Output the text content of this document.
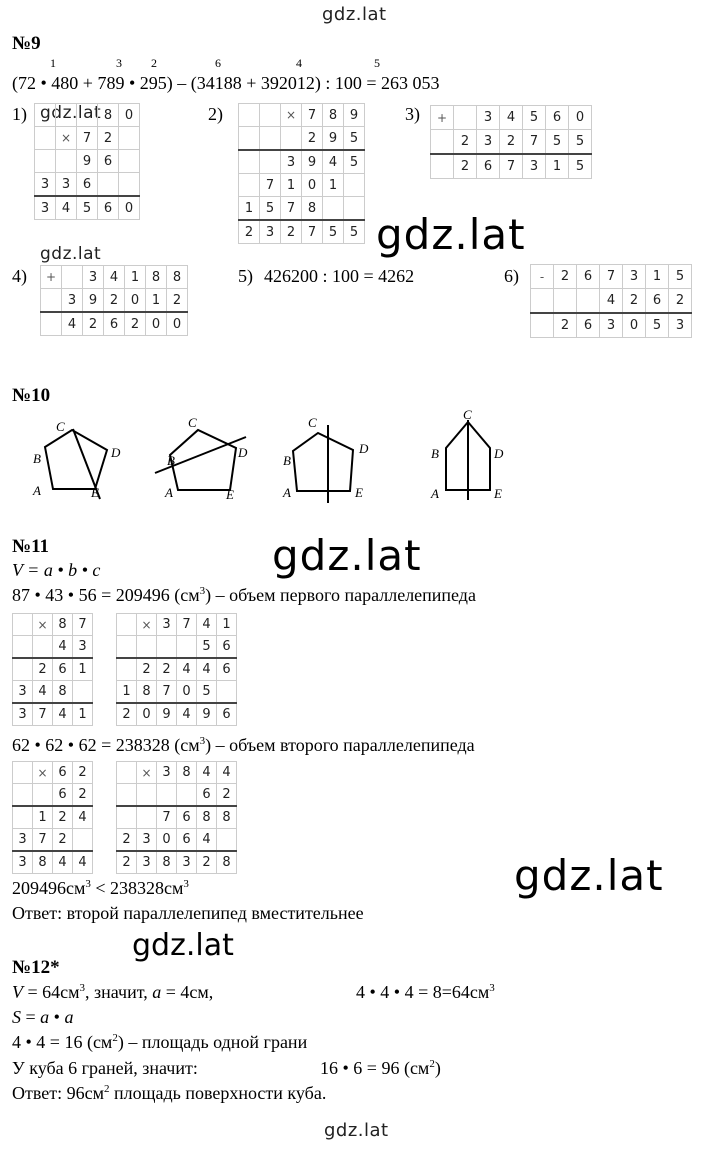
gdz.lat
gdz.lat
gdz.lat
gdz.lat
gdz.lat
gdz.lat
gdz.lat
gdz.lat
№9
1	3 2	6	4	5
(72 • 480 + 789 • 295) – (34188 + 392012) : 100 = 263 053
1)
				8	0
	×	7	2	
		9	6	
3	3	6		
3	4	5	6	0
2)
			×	7	8	9
			2	9	5
		3	9	4	5
	7	1	0	1	
1	5	7	8		
2	3	2	7	5	5
3) +		3	4	5	6	0
	2	3	2	7	5	5
	2	6	7	3	1	5
4) +		3	4	1	8	8
	3	9	2	0	1	2
	4	2	6	2	0	0
5) 426200 : 100 = 4262	6) -	2	6	7	3	1	5
			4	2	6	2
	2	6	3	0	5	3
№10
A
B
C
D
E	A
B
C
D
E	A
B
C
D
E	A
B
C
D
E
№11
V = a • b • c
87 • 43 • 56 = 209496 $(см^3)$ – объем первого параллелепипеда
	×	8	7
		4	3
	2	6	1
3	4	8	
3	7	4	1
	×	3	7	4	1
				5	6
	2	2	4	4	6
1	8	7	0	5	
2	0	9	4	9	6
62 • 62 • 62 = 238328 $(см^3)$ – объем второго параллелепипеда
	×	6	2
		6	2
	1	2	4
3	7	2	
3	8	4	4
	×	3	8	4	4
				6	2
		7	6	8	8
2	3	0	6	4	
2	3	8	3	2	8
$209496см^3 < 238328см^3$
Ответ: второй параллелепипед вместительнее
№12*
$V = 64см^3$, значит, a = 4см,	4 • 4 • $4 = 8=64см^3$
S = a • a
4 • 4 = 16 $(см^2)$ – площадь одной грани
У куба 6 граней, значит:	16 • 6 = 96 $(см^2)$
Ответ: $96см^2$ площадь поверхности куба.
